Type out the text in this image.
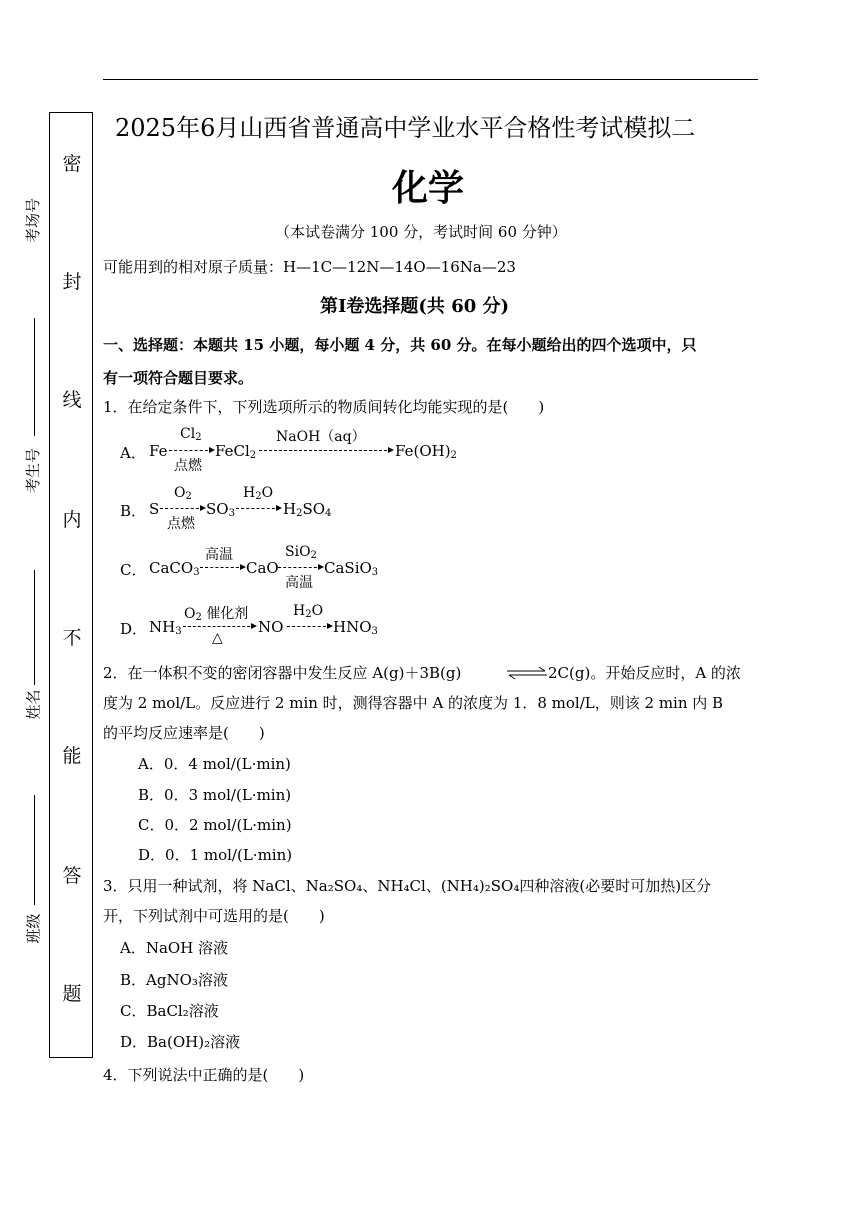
考场号
考生号
姓名
班级
密
封
线
内
不
能
答
题
2025年6月山西省普通高中学业水平合格性考试模拟二
化学
（本试卷满分 100 分，考试时间 60 分钟）
可能用到的相对原子质量：H—1C—12N—14O—16Na—23
第Ⅰ卷选择题(共 60 分)
一、选择题：本题共 15 小题，每小题 4 分，共 60 分。在每小题给出的四个选项中，只
有一项符合题目要求。
1．在给定条件下，下列选项所示的物质间转化均能实现的是(　　)
A． Fe
$Cl_2$
点燃
FeCl$_2$
NaOH（aq）
$Fe(OH)_2$
B． S
$O_2$
点燃
$SO_3$
$H_2O$
→ $H_2SO_4$
C． CaCO$_3$
高温
→ CaO
SiO$_2$
高温
CaSiO$_3$
D． $NH_3$
$O_2$ 催化剂
△
NO
$H_2O$
→ $HNO_3$
2．在一体积不变的密闭容器中发生反应 A(g)＋3B(g)	⇌ 2C(g)。开始反应时，A 的浓
度为 2 mol/L。反应进行 2 min 时，测得容器中 A 的浓度为 1．8 mol/L，则该 2 min 内 B
的平均反应速率是(　　)
A．0．4 mol/(L·min)
B．0．3 mol/(L·min)
C．0．2 mol/(L·min)
D．0．1 mol/(L·min)
3．只用一种试剂，将 NaCl、Na₂SO₄、NH₄Cl、(NH₄)₂SO₄四种溶液(必要时可加热)区分
开，下列试剂中可选用的是(　　)
A．NaOH 溶液
B．AgNO₃溶液
C．BaCl₂溶液
D．Ba(OH)₂溶液
4．下列说法中正确的是(　　)
